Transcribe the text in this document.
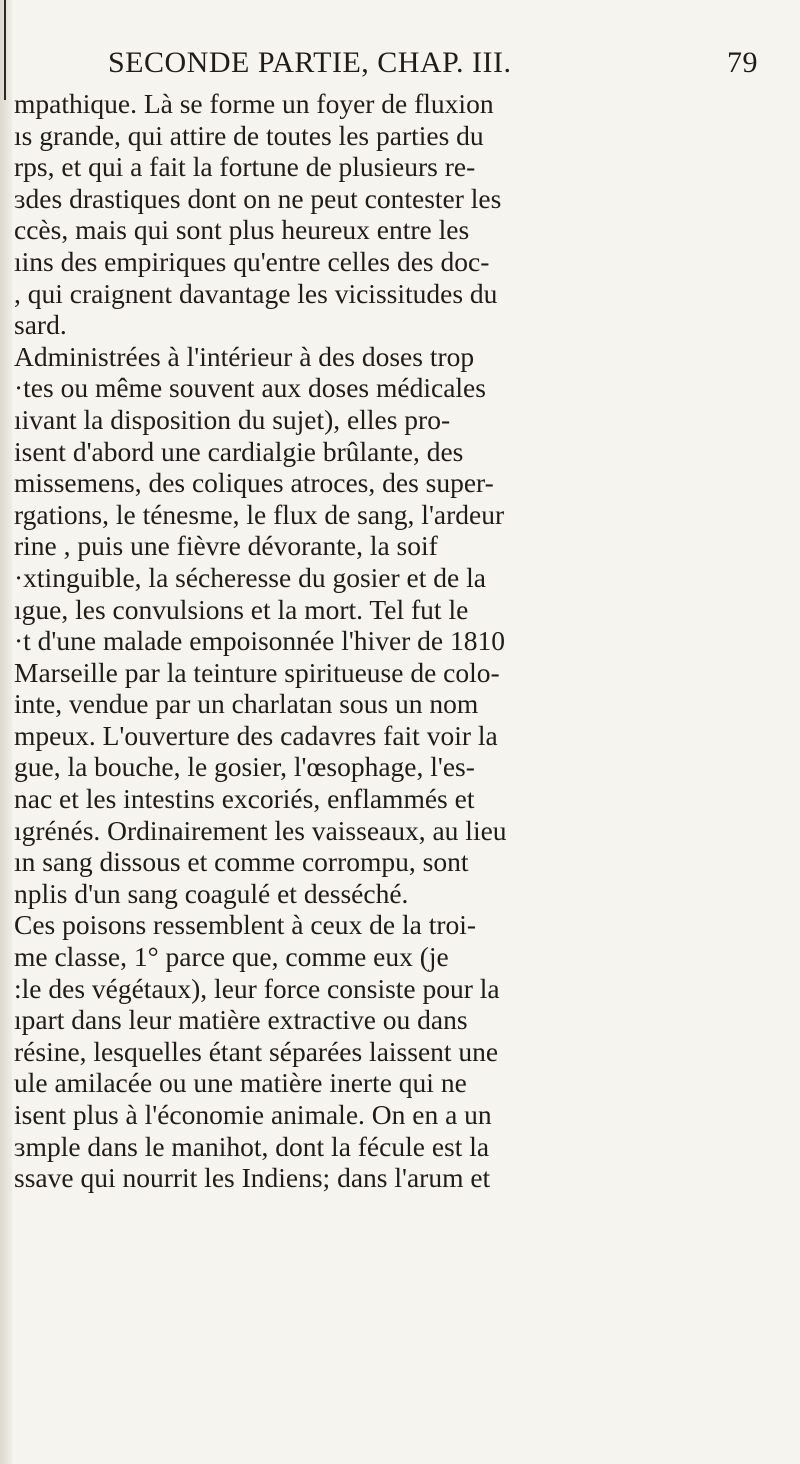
SECONDE PARTIE, CHAP. III.	79
mpathique. Là se forme un foyer de fluxion
ıs grande, qui attire de toutes les parties du
rps, et qui a fait la fortune de plusieurs re-
ɜdes drastiques dont on ne peut contester les
ccès, mais qui sont plus heureux entre les
ıins des empiriques qu'entre celles des doc-
, qui craignent davantage les vicissitudes du
sard.
Administrées à l'intérieur à des doses trop
·tes ou même souvent aux doses médicales
ıivant la disposition du sujet), elles pro-
isent d'abord une cardialgie brûlante, des
missemens, des coliques atroces, des super-
rgations, le ténesme, le flux de sang, l'ardeur
rine , puis une fièvre dévorante, la soif
·xtinguible, la sécheresse du gosier et de la
ıgue, les convulsions et la mort. Tel fut le
·t d'une malade empoisonnée l'hiver de 1810
Marseille par la teinture spiritueuse de colo-
inte, vendue par un charlatan sous un nom
mpeux. L'ouverture des cadavres fait voir la
gue, la bouche, le gosier, l'œsophage, l'es-
nac et les intestins excoriés, enflammés et
ıgrénés. Ordinairement les vaisseaux, au lieu
ın sang dissous et comme corrompu, sont
nplis d'un sang coagulé et desséché.
Ces poisons ressemblent à ceux de la troi-
me classe, 1° parce que, comme eux (je
:le des végétaux), leur force consiste pour la
ıpart dans leur matière extractive ou dans
résine, lesquelles étant séparées laissent une
ule amilacée ou une matière inerte qui ne
isent plus à l'économie animale. On en a un
ɜmple dans le manihot, dont la fécule est la
ssave qui nourrit les Indiens; dans l'arum et
